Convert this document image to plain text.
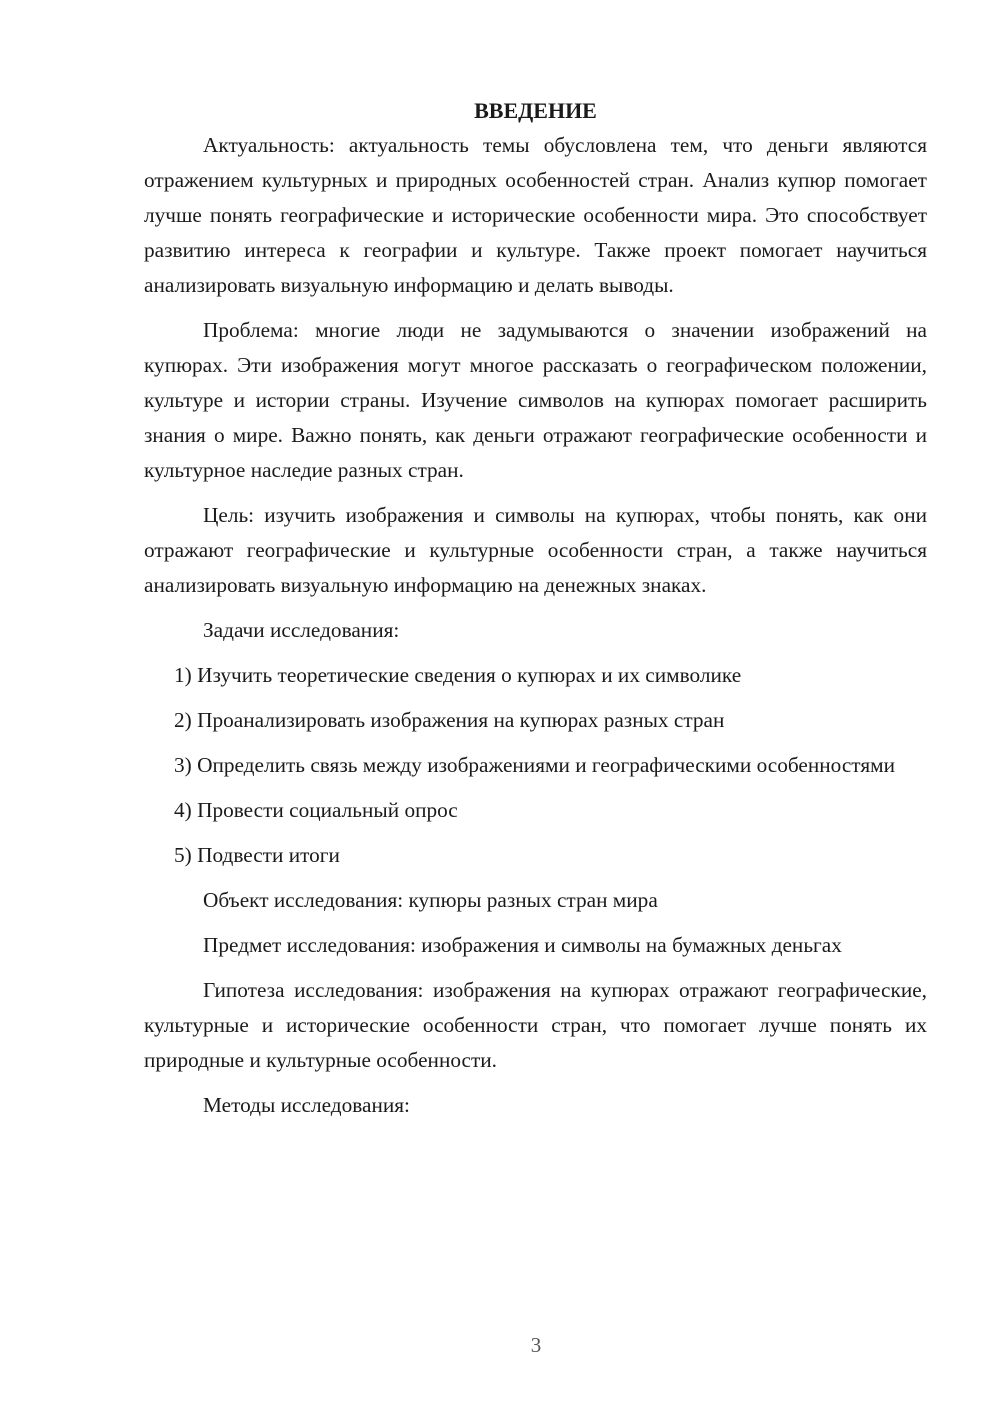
ВВЕДЕНИЕ

Актуальность: актуальность темы обусловлена тем, что деньги являются отражением культурных и природных особенностей стран. Анализ купюр помогает лучше понять географические и исторические особенности мира. Это способствует развитию интереса к географии и культуре. Также проект помогает научиться анализировать визуальную информацию и делать выводы.

Проблема: многие люди не задумываются о значении изображений на купюрах. Эти изображения могут многое рассказать о географическом положении, культуре и истории страны. Изучение символов на купюрах помогает расширить знания о мире. Важно понять, как деньги отражают географические особенности и культурное наследие разных стран.

Цель: изучить изображения и символы на купюрах, чтобы понять, как они отражают географические и культурные особенности стран, а также научиться анализировать визуальную информацию на денежных знаках.

Задачи исследования:

1) Изучить теоретические сведения о купюрах и их символике

2) Проанализировать изображения на купюрах разных стран

3) Определить связь между изображениями и географическими особенностями

4) Провести социальный опрос

5) Подвести итоги

Объект исследования: купюры разных стран мира

Предмет исследования: изображения и символы на бумажных деньгах

Гипотеза исследования: изображения на купюрах отражают географические, культурные и исторические особенности стран, что помогает лучше понять их природные и культурные особенности.

Методы исследования:

3
